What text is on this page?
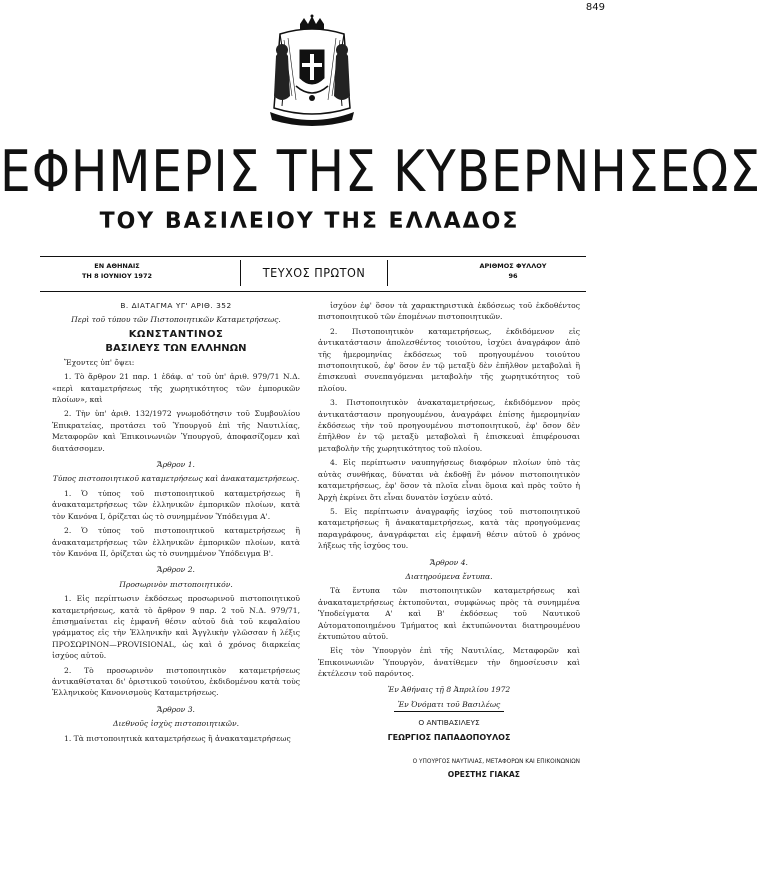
849
ΕΦΗΜΕΡΙΣ ΤΗΣ ΚΥΒΕΡΝΗΣΕΩΣ
ΤΟΥ ΒΑΣΙΛΕΙΟΥ ΤΗΣ ΕΛΛΑΔΟΣ
ΕΝ ΑΘΗΝΑΙΣ
ΤΗ 8 ΙΟΥΝΙΟΥ 1972	ΤΕΥΧΟΣ ΠΡΩΤΟΝ	ΑΡΙΘΜΟΣ ΦΥΛΛΟΥ
96
Β. ΔΙΑΤΑΓΜΑ ΥΓ' ΑΡΙΘ. 352
Περὶ τοῦ τύπου τῶν Πιστοποιητικῶν Καταμετρήσεως.
ΚΩΝΣΤΑΝΤΙΝΟΣ
ΒΑΣΙΛΕΥΣ ΤΩΝ ΕΛΛΗΝΩΝ

Ἔχοντες ὑπ' ὄψει:

1. Τὸ ἄρθρον 21 παρ. 1 ἐδάφ. α' τοῦ ὑπ' ἀριθ. 979/71 Ν.Δ. «περὶ καταμετρήσεως τῆς χωρητικότητος τῶν ἐμπορικῶν πλοίων», καὶ

2. Τὴν ὑπ' ἀριθ. 132/1972 γνωμοδότησιν τοῦ Συμβουλίου Ἐπικρατείας, προτάσει τοῦ Ὑπουργοῦ ἐπὶ τῆς Ναυτιλίας, Μεταφορῶν καὶ Ἐπικοινωνιῶν Ὑπουργοῦ, ἀποφασίζομεν καὶ διατάσσομεν.

Ἄρθρον 1.
Τύπος πιστοποιητικοῦ καταμετρήσεως καὶ ἀνακαταμετρήσεως.

1. Ὁ τύπος τοῦ πιστοποιητικοῦ καταμετρήσεως ἢ ἀνακαταμετρήσεως τῶν ἑλληνικῶν ἐμπορικῶν πλοίων, κατὰ τὸν Κανόνα I, ὁρίζεται ὡς τὸ συνημμένον Ὑπόδειγμα Α'.

2. Ὁ τύπος τοῦ πιστοποιητικοῦ καταμετρήσεως ἢ ἀνακαταμετρήσεως τῶν ἑλληνικῶν ἐμπορικῶν πλοίων, κατὰ τὸν Κανόνα II, ὁρίζεται ὡς τὸ συνημμένον Ὑπόδειγμα Β'.

Ἄρθρον 2.
Προσωρινὸν πιστοποιητικόν.

1. Εἰς περίπτωσιν ἐκδόσεως προσωρινοῦ πιστοποιητικοῦ καταμετρήσεως, κατὰ τὸ ἄρθρον 9 παρ. 2 τοῦ Ν.Δ. 979/71, ἐπισημαίνεται εἰς ἐμφανῆ θέσιν αὐτοῦ διὰ τοῦ κεφαλαίου γράμματος εἰς τὴν Ἑλληνικὴν καὶ Ἀγγλικὴν γλῶσσαν ἡ λέξις ΠΡΟΣΩΡΙΝΟΝ—PROVISIONAL, ὡς καὶ ὁ χρόνος διαρκείας ἰσχύος αὐτοῦ.

2. Τὸ προσωρινὸν πιστοποιητικὸν καταμετρήσεως ἀντικαθίσταται δι' ὁριστικοῦ τοιούτου, ἐκδιδομένου κατὰ τοὺς Ἑλληνικοὺς Κανονισμοὺς Καταμετρήσεως.

Ἄρθρον 3.
Διεθνοῦς ἰσχὺς πιστοποιητικῶν.

1. Τὰ πιστοποιητικὰ καταμετρήσεως ἢ ἀνακαταμετρήσεως

ἰσχύον ἐφ' ὅσον τὰ χαρακτηριστικὰ ἐκδόσεως τοῦ ἐκδοθέντος πιστοποιητικοῦ τῶν ἐπομένων πιστοποιητικῶν.

2. Πιστοποιητικὸν καταμετρήσεως, ἐκδιδόμενον εἰς ἀντικατάστασιν ἀπολεσθέντος τοιούτου, ἰσχύει ἀναγράφον ἀπὸ τῆς ἡμερομηνίας ἐκδόσεως τοῦ προηγουμένου τοιούτου πιστοποιητικοῦ, ἐφ' ὅσον ἐν τῷ μεταξὺ δὲν ἐπῆλθον μεταβολαὶ ἢ ἐπισκευαὶ συνεπαγόμεναι μεταβολὴν τῆς χωρητικότητος τοῦ πλοίου.

3. Πιστοποιητικὸν ἀνακαταμετρήσεως, ἐκδιδόμενον πρὸς ἀντικατάστασιν προηγουμένου, ἀναγράφει ἐπίσης ἡμερομηνίαν ἐκδόσεως τὴν τοῦ προηγουμένου πιστοποιητικοῦ, ἐφ' ὅσον δὲν ἐπῆλθον ἐν τῷ μεταξὺ μεταβολαὶ ἢ ἐπισκευαὶ ἐπιφέρουσαι μεταβολὴν τῆς χωρητικότητος τοῦ πλοίου.

4. Εἰς περίπτωσιν ναυπηγήσεως διαφόρων πλοίων ὑπὸ τὰς αὐτὰς συνθήκας, δύναται νὰ ἐκδοθῇ ἓν μόνον πιστοποιητικὸν καταμετρήσεως, ἐφ' ὅσον τὰ πλοῖα εἶναι ὅμοια καὶ πρὸς τοῦτο ἡ Ἀρχὴ ἐκρίνει ὅτι εἶναι δυνατὸν ἰσχύειν αὐτό.

5. Εἰς περίπτωσιν ἀναγραφῆς ἰσχύος τοῦ πιστοποιητικοῦ καταμετρήσεως ἢ ἀνακαταμετρήσεως, κατὰ τὰς προηγούμενας παραγράφους, ἀναγράφεται εἰς ἐμφανῆ θέσιν αὐτοῦ ὁ χρόνος λήξεως τῆς ἰσχύος του.

Ἄρθρον 4.
Διατηρούμενα ἔντυπα.

Τὰ ἔντυπα τῶν πιστοποιητικῶν καταμετρήσεως καὶ ἀνακαταμετρήσεως ἐκτυποῦνται, συμφώνως πρὸς τὰ συνημμένα Ὑποδείγματα Α' καὶ Β' ἐκδόσεως τοῦ Ναυτικοῦ Αὐτοματοποιημένου Τμήματος καὶ ἐκτυπώνονται διατηρουμένου ἐκτυπώτου αὐτοῦ.

Εἰς τὸν Ὑπουργὸν ἐπὶ τῆς Ναυτιλίας, Μεταφορῶν καὶ Ἐπικοινωνιῶν Ὑπουργὸν, ἀνατίθεμεν τὴν δημοσίευσιν καὶ ἐκτέλεσιν τοῦ παρόντος.

Ἐν Ἀθήναις τῇ 8 Ἀπριλίου 1972
Ἐν Ὀνόματι τοῦ Βασιλέως
Ο ΑΝΤΙΒΑΣΙΛΕΥΣ
ΓΕΩΡΓΙΟΣ ΠΑΠΑΔΟΠΟΥΛΟΣ
Ο ΥΠΟΥΡΓΟΣ ΝΑΥΤΙΛΙΑΣ, ΜΕΤΑΦΟΡΩΝ ΚΑΙ ΕΠΙΚΟΙΝΩΝΙΩΝ
ΟΡΕΣΤΗΣ ΓΙΑΚΑΣ
